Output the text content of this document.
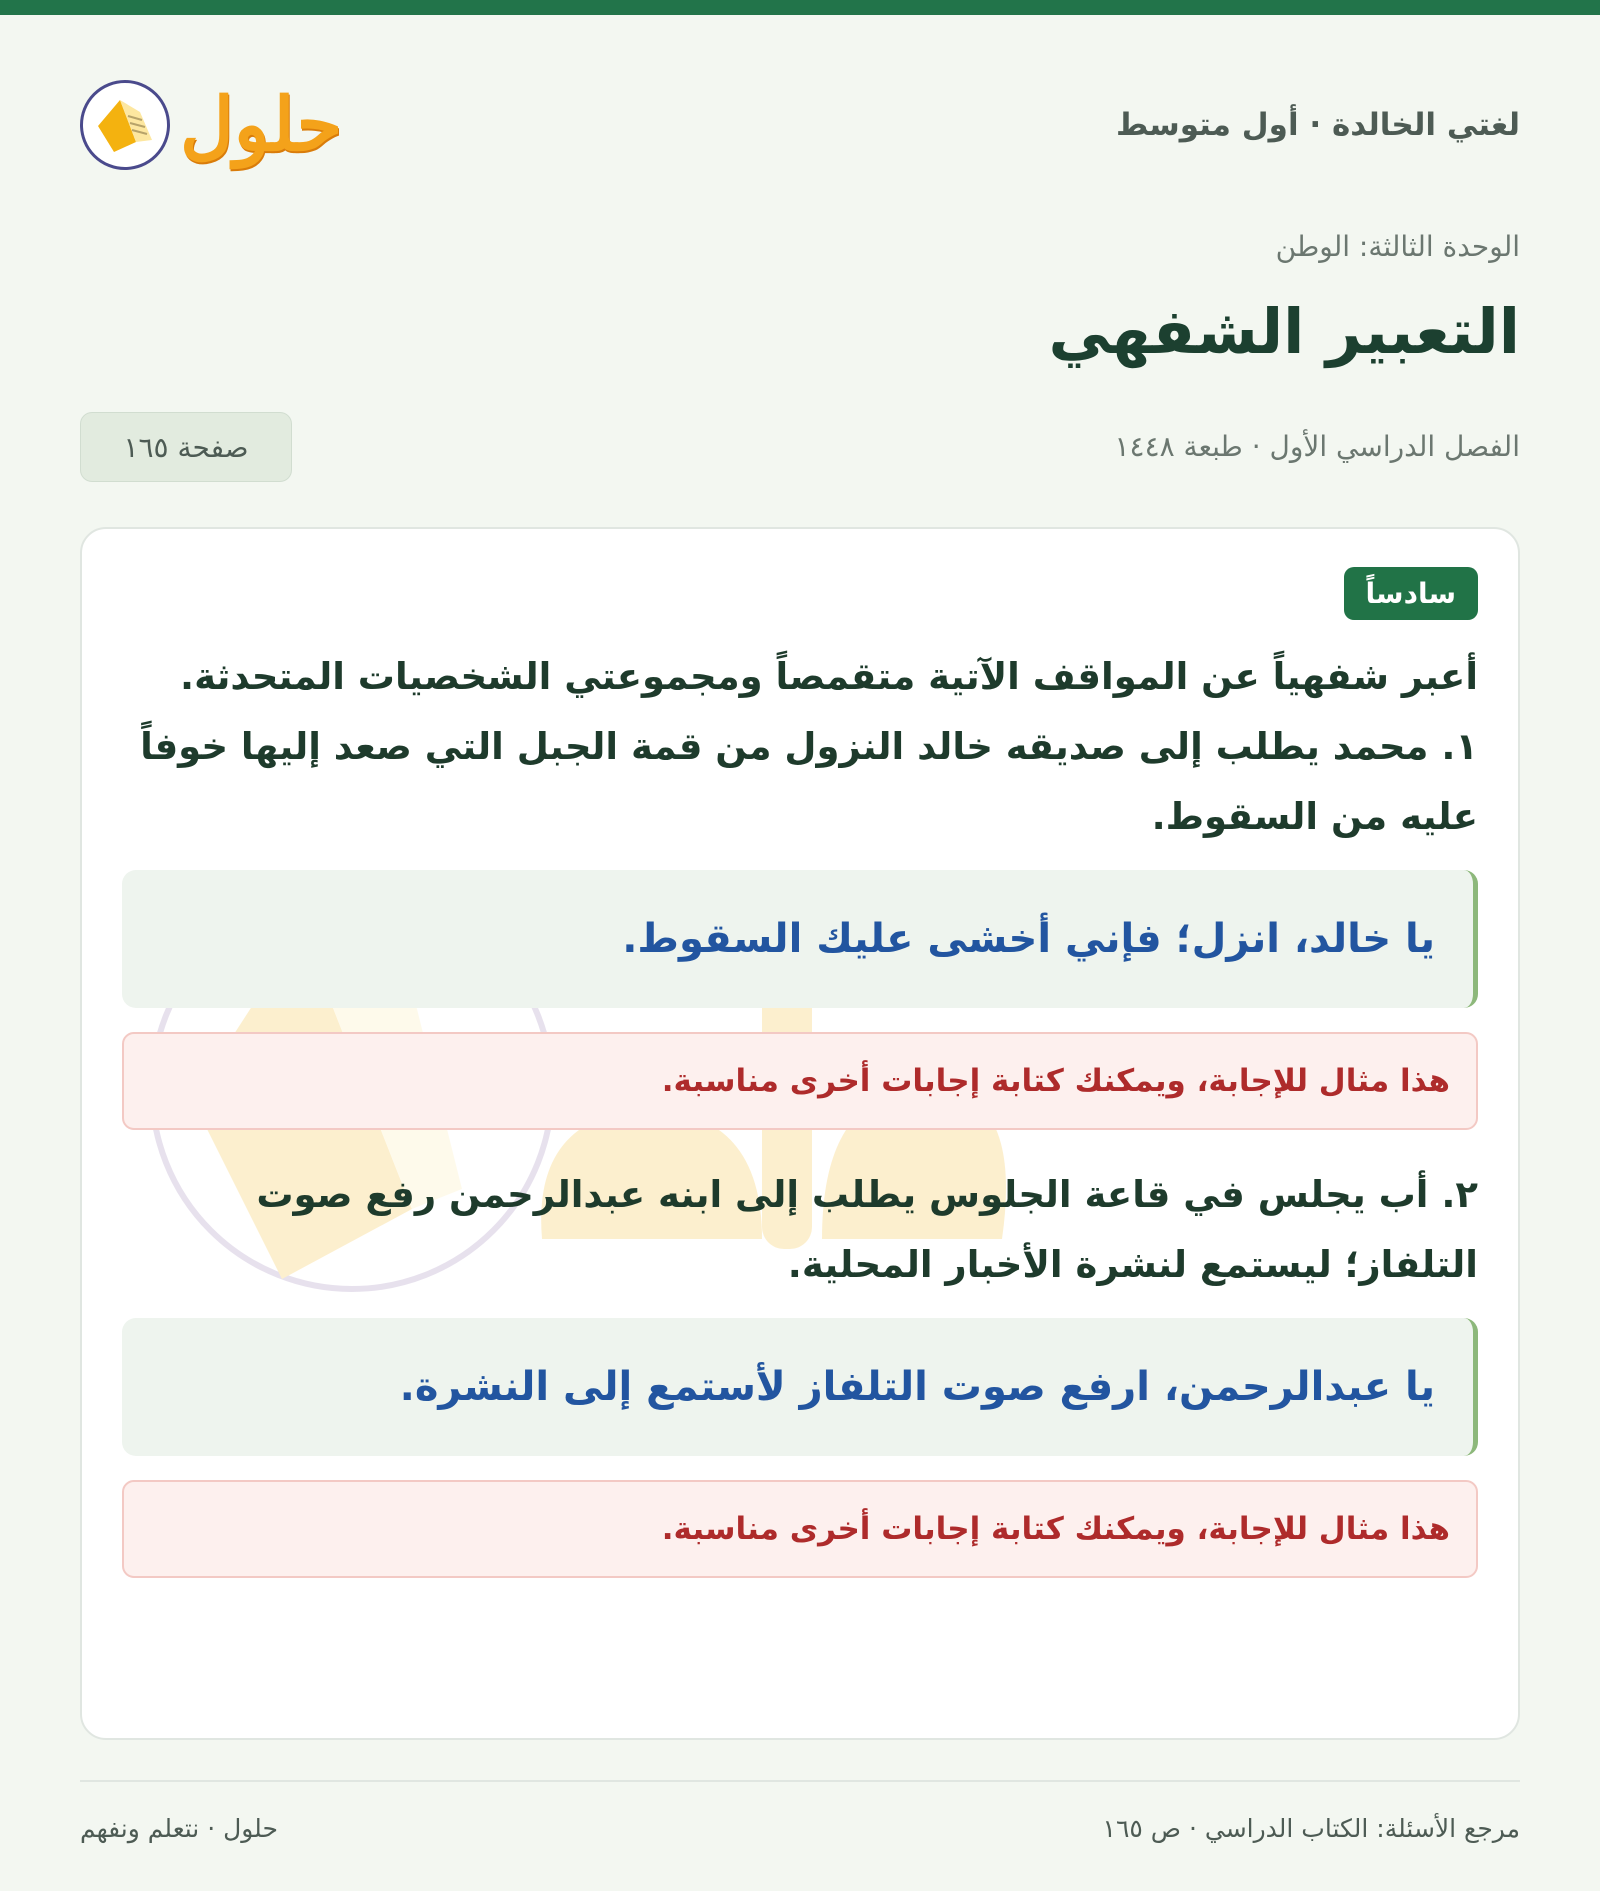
لغتي الخالدة · أول متوسط
حلول
الوحدة الثالثة: الوطن
التعبير الشفهي
الفصل الدراسي الأول · طبعة ١٤٤٨
صفحة ١٦٥
سادساً

أعبر شفهياً عن المواقف الآتية متقمصاً ومجموعتي الشخصيات المتحدثة.

١. محمد يطلب إلى صديقه خالد النزول من قمة الجبل التي صعد إليها خوفاً عليه من السقوط.

يا خالد، انزل؛ فإني أخشى عليك السقوط.
هذا مثال للإجابة، ويمكنك كتابة إجابات أخرى مناسبة.

٢. أب يجلس في قاعة الجلوس يطلب إلى ابنه عبدالرحمن رفع صوت التلفاز؛ ليستمع لنشرة الأخبار المحلية.

يا عبدالرحمن، ارفع صوت التلفاز لأستمع إلى النشرة.
هذا مثال للإجابة، ويمكنك كتابة إجابات أخرى مناسبة.
مرجع الأسئلة: الكتاب الدراسي · ص ١٦٥
حلول · نتعلم ونفهم
